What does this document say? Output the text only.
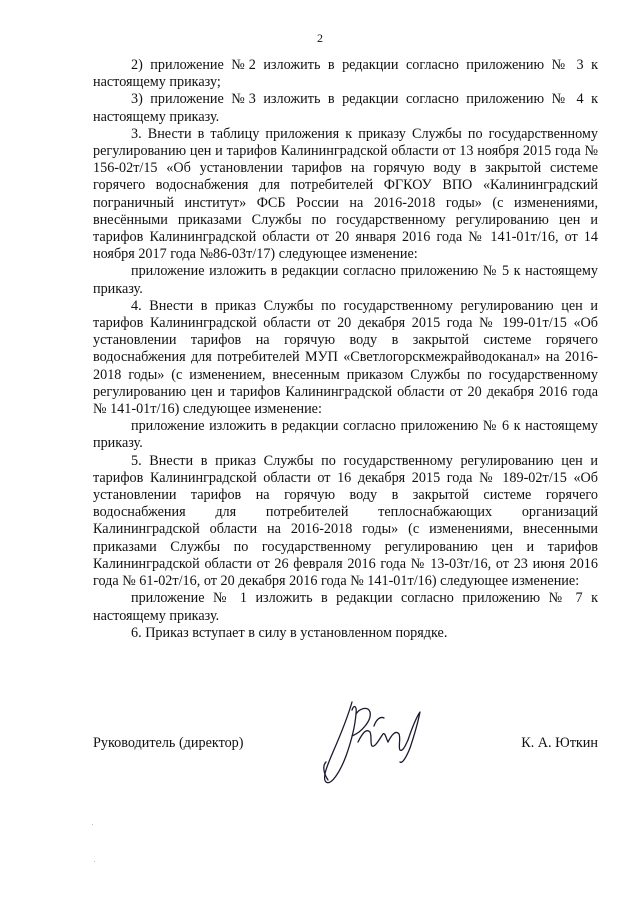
2

2) приложение №2 изложить в редакции согласно приложению № 3 к настоящему приказу;

3) приложение №3 изложить в редакции согласно приложению № 4 к настоящему приказу.

3. Внести в таблицу приложения к приказу Службы по государственному регулированию цен и тарифов Калининградской области от 13 ноября 2015 года № 156-02т/15 «Об установлении тарифов на горячую воду в закрытой системе горячего водоснабжения для потребителей ФГКОУ ВПО «Калининградский пограничный институт» ФСБ России на 2016-2018 годы» (с изменениями, внесёнными приказами Службы по государственному регулированию цен и тарифов Калининградской области от 20 января 2016 года № 141-01т/16, от 14 ноября 2017 года №86-03т/17) следующее изменение:

приложение изложить в редакции согласно приложению № 5 к настоящему приказу.

4. Внести в приказ Службы по государственному регулированию цен и тарифов Калининградской области от 20 декабря 2015 года № 199-01т/15 «Об установлении тарифов на горячую воду в закрытой системе горячего водоснабжения для потребителей МУП «Светлогорскмежрайводоканал» на 2016-2018 годы» (с изменением, внесенным приказом Службы по государственному регулированию цен и тарифов Калининградской области от 20 декабря 2016 года № 141-01т/16) следующее изменение:

приложение изложить в редакции согласно приложению № 6 к настоящему приказу.

5. Внести в приказ Службы по государственному регулированию цен и тарифов Калининградской области от 16 декабря 2015 года № 189-02т/15 «Об установлении тарифов на горячую воду в закрытой системе горячего водоснабжения для потребителей теплоснабжающих организаций Калининградской области на 2016-2018 годы» (с изменениями, внесенными приказами Службы по государственному регулированию цен и тарифов Калининградской области от 26 февраля 2016 года № 13-03т/16, от 23 июня 2016 года № 61-02т/16, от 20 декабря 2016 года № 141-01т/16) следующее изменение:

приложение № 1 изложить в редакции согласно приложению № 7 к настоящему приказу.

6. Приказ вступает в силу в установленном порядке.

Руководитель (директор)	К. А. Юткин
